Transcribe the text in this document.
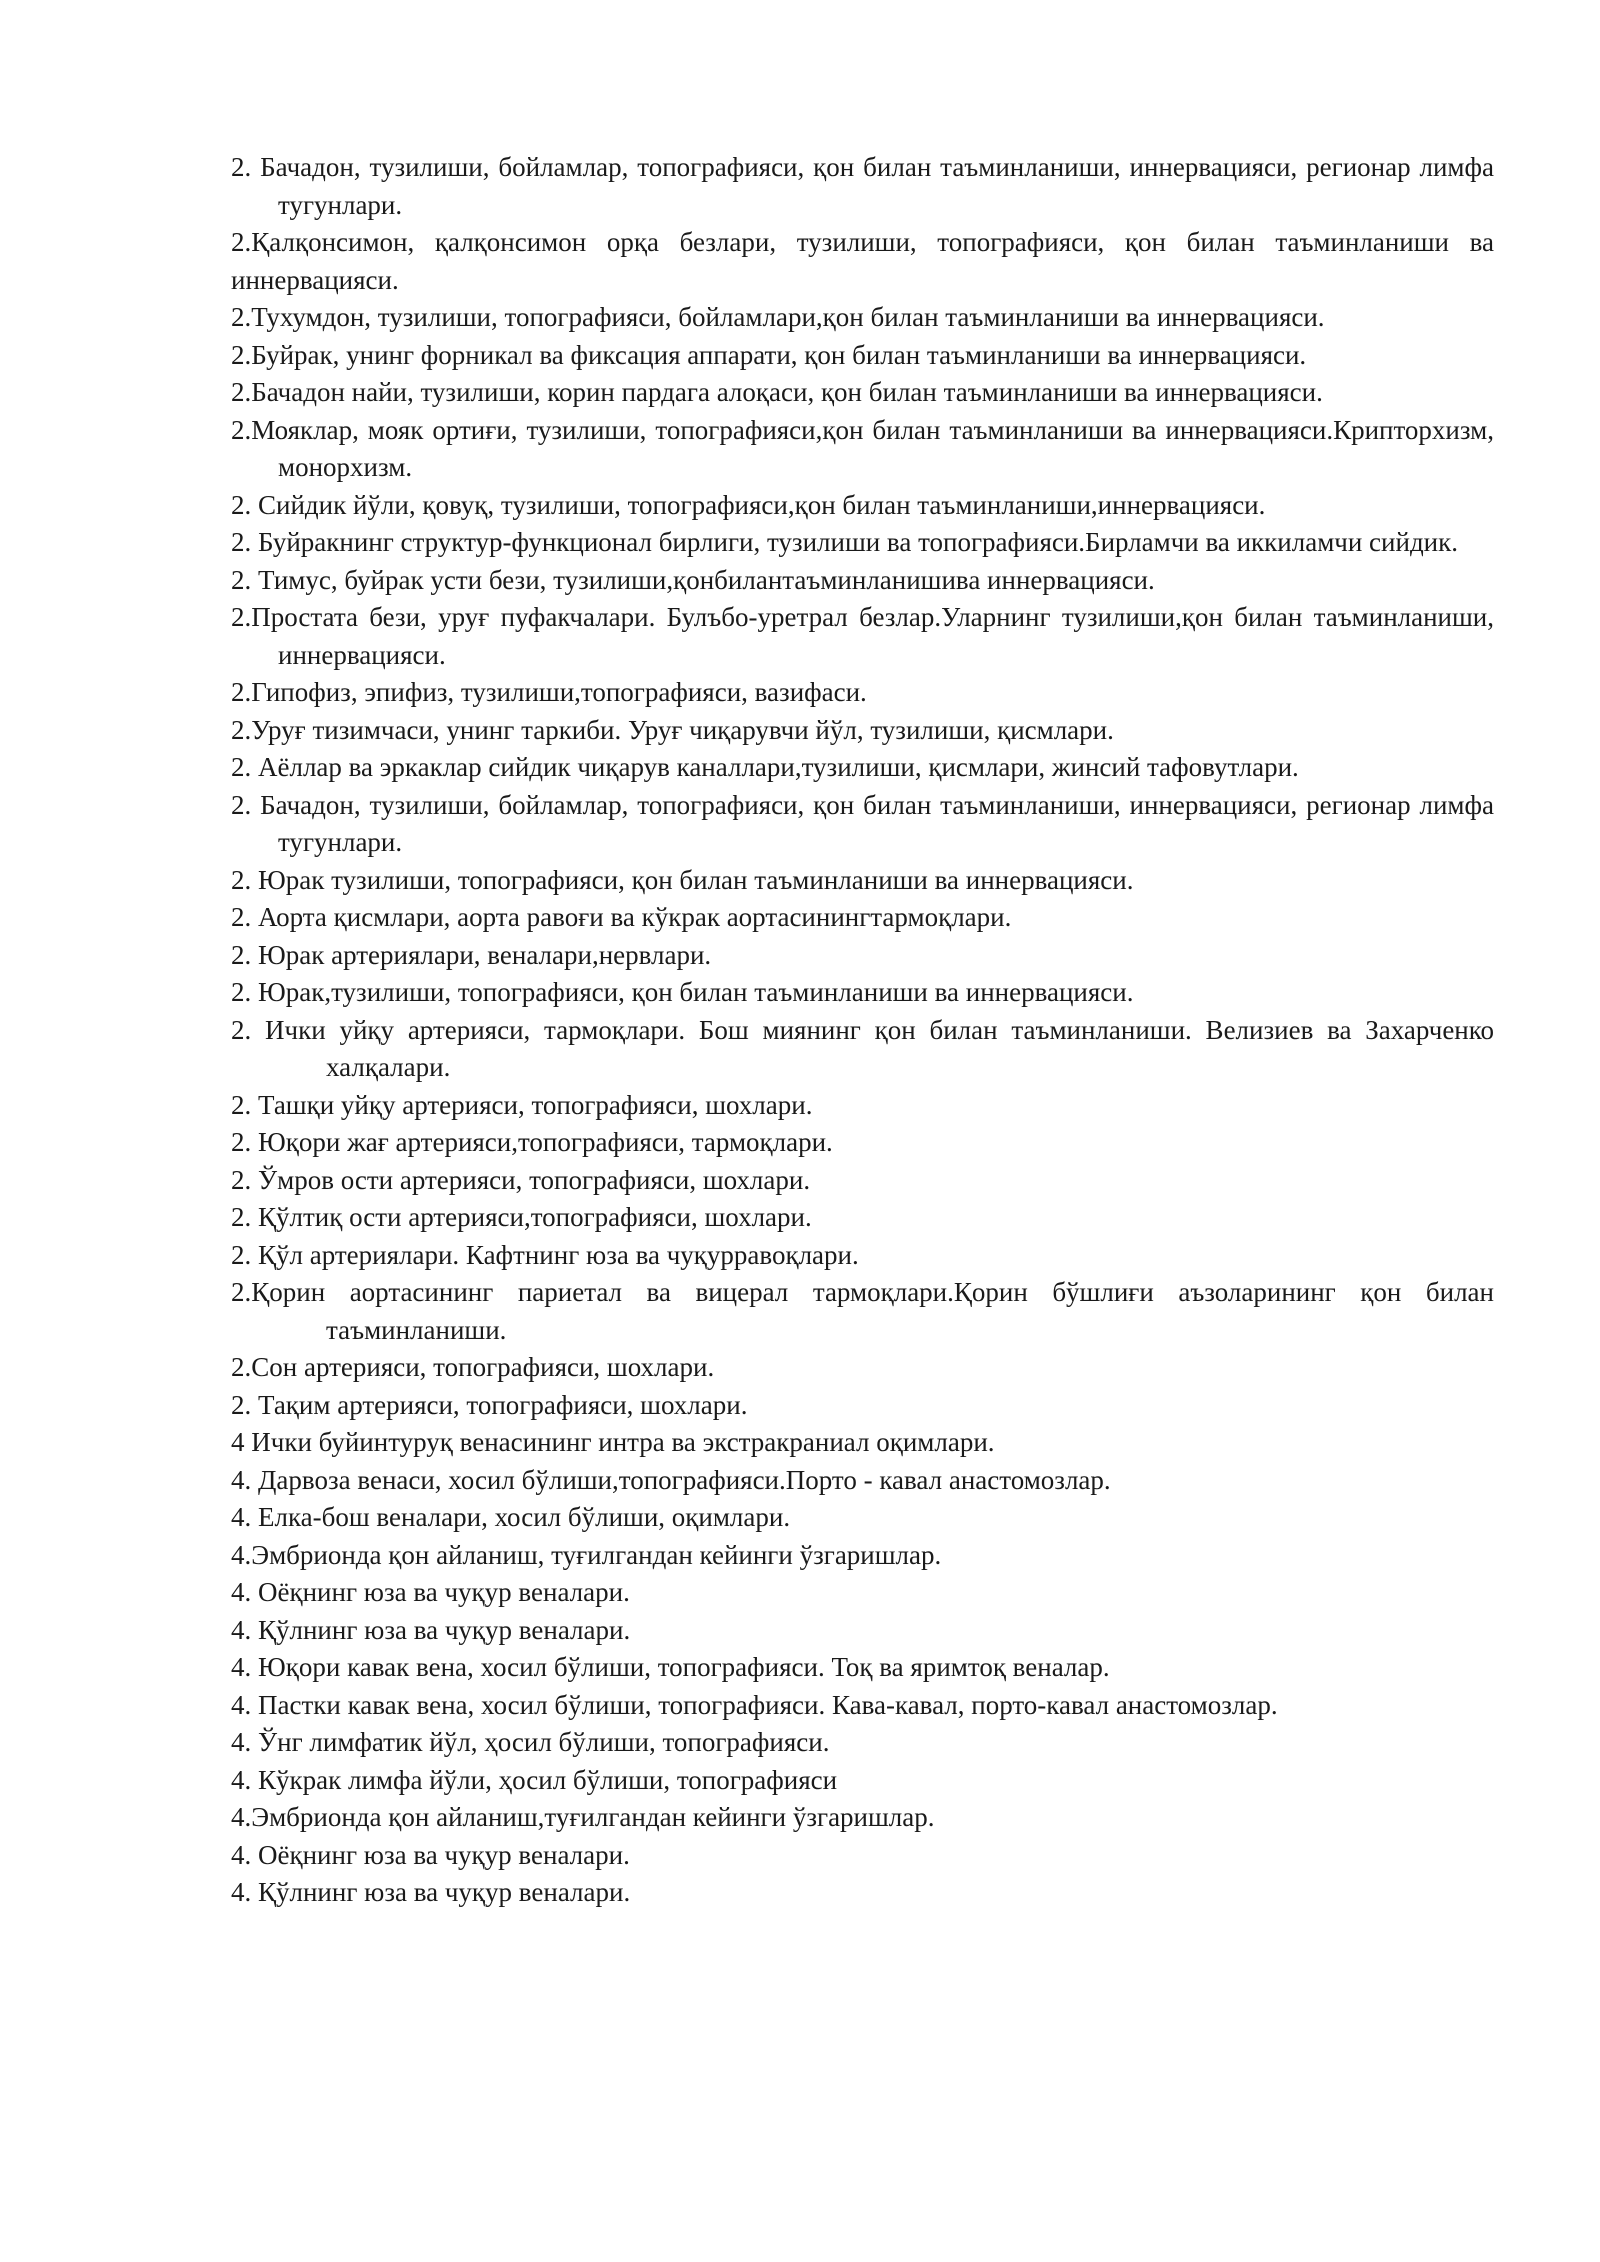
2. Бачадон, тузилиши, бойламлар, топографияси, қон билан таъминланиши, иннервацияси, регионар лимфа тугунлари.

2.Қалқонсимон, қалқонсимон орқа безлари, тузилиши, топографияси, қон билан таъминланиши ва иннервацияси.

2.Тухумдон, тузилиши, топографияси, бойламлари,қон билан таъминланиши ва иннервацияси.

2.Буйрак, унинг форникал ва фиксация аппарати, қон билан таъминланиши ва иннервацияси.

2.Бачадон найи, тузилиши, корин пардага алоқаси, қон билан таъминланиши ва иннервацияси.

2.Мояклар, мояк ортиғи, тузилиши, топографияси,қон билан таъминланиши ва иннервацияси.Крипторхизм, монорхизм.

2. Сийдик йўли, қовуқ, тузилиши, топографияси,қон билан таъминланиши,иннервацияси.

2. Буйракнинг структур-функционал бирлиги, тузилиши ва топографияси.Бирламчи ва иккиламчи сийдик.

2. Тимус, буйрак усти бези, тузилиши,қонбилантаъминланишива иннервацияси.

2.Простата бези, уруғ пуфакчалари. Булъбо-уретрал безлар.Уларнинг тузилиши,қон билан таъминланиши, иннервацияси.

2.Гипофиз, эпифиз, тузилиши,топографияси, вазифаси.

2.Уруғ тизимчаси, унинг таркиби. Уруғ чиқарувчи йўл, тузилиши, қисмлари.

2. Аёллар ва эркаклар сийдик чиқарув каналлари,тузилиши, қисмлари, жинсий тафовутлари.

2. Бачадон, тузилиши, бойламлар, топографияси, қон билан таъминланиши, иннервацияси, регионар лимфа тугунлари.

2. Юрак тузилиши, топографияси, қон билан таъминланиши ва иннервацияси.

2. Аорта қисмлари, аорта равоғи ва кўкрак аортасинингтармоқлари.

2. Юрак артериялари, веналари,нервлари.

2. Юрак,тузилиши, топографияси, қон билан таъминланиши ва иннервацияси.

2. Ички уйқу артерияси, тармоқлари. Бош миянинг қон билан таъминланиши. Велизиев ва Захарченко халқалари.

2. Ташқи уйқу артерияси, топографияси, шохлари.

2. Юқори жағ артерияси,топографияси, тармоқлари.

2. Ўмров ости артерияси, топографияси, шохлари.

2. Қўлтиқ ости артерияси,топографияси, шохлари.

2. Қўл артериялари. Кафтнинг юза ва чуқурравоқлари.

2.Қорин аортасининг париетал ва вицерал тармоқлари.Қорин бўшлиғи аъзоларининг қон билан таъминланиши.

2.Сон артерияси, топографияси, шохлари.

2. Тақим артерияси, топографияси, шохлари.

4 Ички буйинтуруқ венасининг интра ва экстракраниал оқимлари.

4. Дарвоза венаси, хосил бўлиши,топографияси.Порто - кавал анастомозлар.

4. Елка-бош веналари, хосил бўлиши, оқимлари.

4.Эмбрионда қон айланиш, туғилгандан кейинги ўзгаришлар.

4. Оёқнинг юза ва чуқур веналари.

4. Қўлнинг юза ва чуқур веналари.

4. Юқори кавак вена, хосил бўлиши, топографияси. Тоқ ва яримтоқ веналар.

4. Пастки кавак вена, хосил бўлиши, топографияси. Кава-кавал, порто-кавал анастомозлар.

4. Ўнг лимфатик йўл, ҳосил бўлиши, топографияси.

4. Кўкрак лимфа йўли, ҳосил бўлиши, топографияси

4.Эмбрионда қон айланиш,туғилгандан кейинги ўзгаришлар.

4. Оёқнинг юза ва чуқур веналари.

4. Қўлнинг юза ва чуқур веналари.
